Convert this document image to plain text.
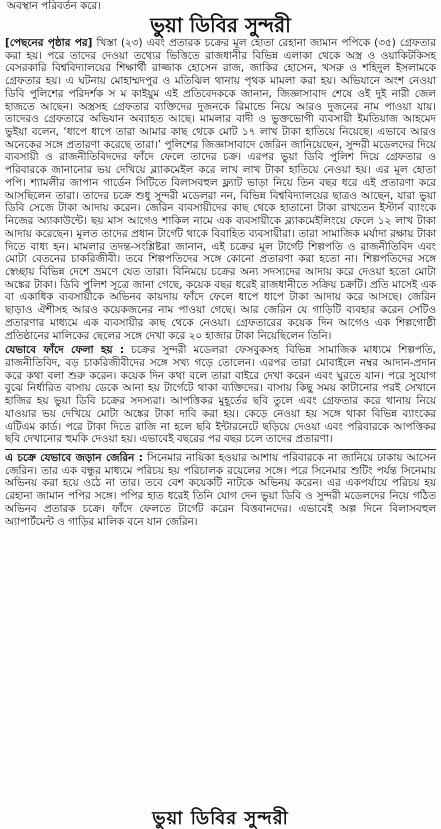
অবস্থান পরিবর্তন করে।
ভুয়া ডিবির সুন্দরী

[পেছনের পৃষ্ঠার পর] খিস্তা (২৩) এবং প্রতারক চক্রের মূল হোতা রেহানা জামান পপিকে (৩৫) গ্রেফতার করা হয়। পরে তাদের দেওয়া তথ্যের ভিত্তিতে রাজধানীর বিভিন্ন এলাকা থেকে অস্ত্র ও ওয়াকিটকিসহ বেসরকারি বিশ্ববিদ্যালয়ের শিক্ষার্থী রাজ্জাক হোসেন রাজ, জাকির হোসেন, খসরু ও শহিদুল ইসলামকে গ্রেফতার হয়। এ ঘটনায় মোহাম্মদপুর ও মতিঝিল থানায় পৃথক মামলা করা হয়। অভিযানে অংশ নেওয়া ডিবি পুলিশের পরিদর্শক স ম কাইয়ুম এই প্রতিবেদককে জানান, জিজ্ঞাসাবাদ শেষে ওই দুই নারী জেল হাজতে আছেন। অস্ত্রসহ গ্রেফতার ব্যক্তিদের দুজনকে রিমান্ডে নিয়ে আরও দুজনের নাম পাওয়া যায়। তাদেরও গ্রেফতারে অভিযান অব্যাহত আছে। মামলার বাদী ও ভুক্তভোগী ব্যবসায়ী ইমতিয়াজ আহমেদ ভুইয়া বলেন, ‘ধাপে ধাপে তারা আমার কাছ থেকে মোট ১৭ লাখ টাকা হাতিয়ে নিয়েছে। এভাবে আরও অনেকের সঙ্গে প্রতারণা করেছে তারা।’ পুলিশের জিজ্ঞাসাবাদে জেরিন জানিয়েছেন, সুন্দরী মডেলদের দিয়ে ব্যবসায়ী ও রাজনীতিবিদদের ফাঁদে ফেলে তাদের চক্র। এরপর ভুয়া ডিবি পুলিশ দিয়ে গ্রেফতার ও পরিবারকে জানানোর ভয় দেখিয়ে ব্ল্যাকমেইল করে লাখ লাখ টাকা হাতিয়ে নেওয়া হয়। এর মূল হোতা পপি। শ্যামলীর জাপান গার্ডেন সিটিতে বিলাসবহুল ফ্ল্যাট ভাড়া নিয়ে তিন বছর ধরে এই প্রতারণা করে আসছিলেন তারা। তাদের চক্রে শুধু সুন্দরী মডেলরা নন, বিভিন্ন বিশ্ববিদ্যালয়ের ছাত্রও আছেন, যারা ভুয়া ডিবি সেজে টাকা আদায় করেন। জেরিন ব্যবসায়ীদের কাছ থেকে হাতানো টাকা রাখতেন ইস্টার্ন ব্যাংকে নিজের অ্যাকাউন্টে। ছয় মাস আগেও শাকিল নামে এক ব্যবসায়ীকে ব্ল্যাকমেইলিংয়ে ফেলে ১২ লাখ টাকা আদায় করেছেন। মূলত তাদের প্রধান টার্গেট থাকে বিবাহিত ব্যবসায়ীরা। তারা সামাজিক মর্যাদা রক্ষায় টাকা দিতে বাধ্য হন। মামলার তদন্ত-সংশ্লিষ্টরা জানান, এই চক্রের মূল টার্গেট শিল্পপতি ও রাজনীতিবিদ এবং মোটা বেতনের চাকরিজীবী। তবে শিল্পপতিদের সঙ্গে কোনো প্রতারণা করা হতো না। শিল্পপতিদের সঙ্গে স্বেচ্ছায় বিভিন্ন দেশে ভ্রমণে যেত তারা। বিনিময়ে চক্রের অন্য সদস্যদের আদায় করে দেওয়া হতো মোটা অঙ্কের টাকা। ডিবি পুলিশ সূত্রে জানা গেছে, কয়েক বছর ধরেই রাজধানীতে সক্রিয় চক্রটি। প্রতি মাসেই এক বা একাধিক ব্যবসায়ীকে অভিনব কায়দায় ফাঁদে ফেলে ধাপে ধাপে টাকা আদায় করে আসছে। জেরিন ছাড়াও ঐশীসহ আরও কয়েকজনের নাম পাওয়া গেছে। আর জেরিন যে গাড়িটি ব্যবহার করেন সেটিও প্রতারণার মাধ্যমে এক ব্যবসায়ীর কাছ থেকে নেওয়া। গ্রেফতারের কয়েক দিন আগেও এক শিল্পগোষ্ঠী প্রতিষ্ঠানের মালিকের ছেলের সঙ্গে দেখা করে ২০ হাজার টাকা নিয়েছিলেন তিনি।

যেভাবে ফাঁদে ফেলা হয় : চক্রের সুন্দরী মডেলরা ফেসবুকসহ বিভিন্ন সামাজিক মাধ্যমে শিল্পপতি, রাজনীতিবিদ, বড় চাকরিজীবীদের সঙ্গে সখ্য গড়ে তোলেন। এরপর তারা মোবাইলে নম্বর আদান-প্রদান করে কথা বলা শুরু করেন। কয়েক দিন কথা বলে তারা বাইরে দেখা করেন এবং ঘুরতে যান। পরে সুযোগ বুঝে নির্ধারিত বাসায় ডেকে আনা হয় টার্গেটে থাকা ব্যক্তিদের। বাসায় কিছু সময় কাটানোর পরই সেখানে হাজির হয় ভুয়া ডিবি চক্রের সদস্যরা। আপত্তিকর মুহূর্তের ছবি তুলে এবং গ্রেফতার করে থানায় নিয়ে যাওয়ার ভয় দেখিয়ে মোটা অঙ্কের টাকা দাবি করা হয়। কেড়ে নেওয়া হয় সঙ্গে থাকা বিভিন্ন ব্যাংকের এটিএম কার্ড। পরে টাকা দিতে রাজি না হলে ছবি ইন্টারনেটে ছড়িয়ে দেওয়া এবং পরিবারকে আপত্তিকর ছবি দেখানোর হুমকি দেওয়া হয়। এভাবেই বছরের পর বছর চলে তাদের প্রতারণা।

এ চক্রে যেভাবে জড়ান জেরিন : সিনেমার নায়িকা হওয়ার আশায় পরিবারকে না জানিয়ে ঢাকায় আসেন জেরিন। তার এক বন্ধুর মাধ্যমে পরিচয় হয় পরিচালক রয়েলের সঙ্গে। পরে সিনেমার শুটিং পর্যন্ত সিনেমায় অভিনয় করা হয়ে ওঠে না তার। তবে বেশ কয়েকটি নাটকে অভিনয় করেন। এর একপর্যায়ে পরিচয় হয় রেহানা জামান পপির সঙ্গে। পপির হাত ধরেই তিনি যোগ দেন ভুয়া ডিবি ও সুন্দরী মডেলদের নিয়ে গঠিত অভিনব প্রতারক চক্রে। ফাঁদে ফেলতে টার্গেট করেন বিত্তবানদের। এভাবেই অল্প দিনে বিলাসবহুল অ্যাপার্টমেন্ট ও গাড়ির মালিক বনে যান জেরিন।

ভুয়া ডিবির সুন্দরী
